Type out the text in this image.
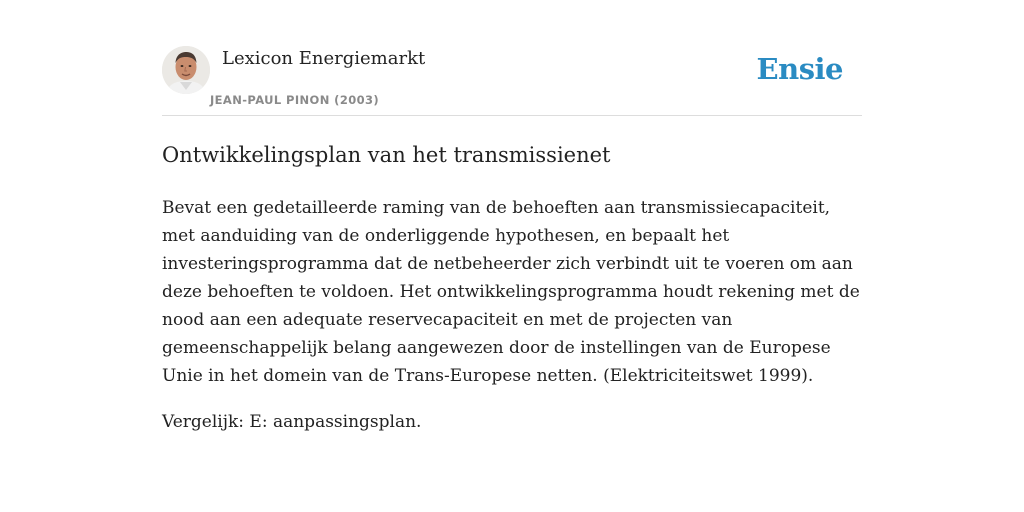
Lexicon Energiemarkt
JEAN-PAUL PINON (2003)
Ensie
Ontwikkelingsplan van het transmissienet

Bevat een gedetailleerde raming van de behoeften aan transmissiecapaciteit, met aanduiding van de onderliggende hypothesen, en bepaalt het investeringsprogramma dat de netbeheerder zich verbindt uit te voeren om aan deze behoeften te voldoen. Het ontwikkelingsprogramma houdt rekening met de nood aan een adequate reservecapaciteit en met de projecten van gemeenschappelijk belang aangewezen door de instellingen van de Europese Unie in het domein van de Trans-Europese netten. (Elektriciteitswet 1999).

Vergelijk: E: aanpassingsplan.
